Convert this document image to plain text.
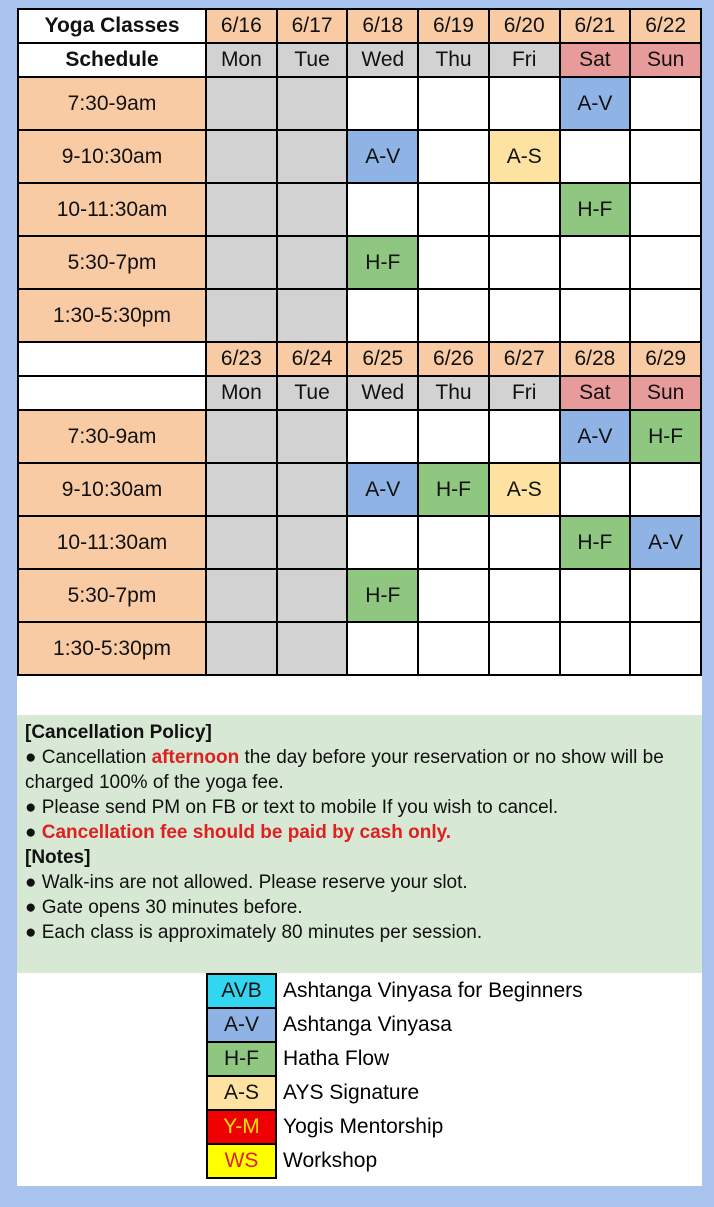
Yoga Classes	6/16	6/17	6/18	6/19	6/20	6/21	6/22
Schedule	Mon	Tue	Wed	Thu	Fri	Sat	Sun
7:30-9am						A-V	
9-10:30am			A-V		A-S		
10-11:30am						H-F	
5:30-7pm			H-F				
1:30-5:30pm							
	6/23	6/24	6/25	6/26	6/27	6/28	6/29
	Mon	Tue	Wed	Thu	Fri	Sat	Sun
7:30-9am						A-V	H-F
9-10:30am			A-V	H-F	A-S		
10-11:30am						H-F	A-V
5:30-7pm			H-F				
1:30-5:30pm							
[Cancellation Policy]
● Cancellation afternoon the day before your reservation or no show will be charged 100% of the yoga fee.
● Please send PM on FB or text to mobile If you wish to cancel.
● Cancellation fee should be paid by cash only.
[Notes]
● Walk-ins are not allowed. Please reserve your slot.
● Gate opens 30 minutes before.
● Each class is approximately 80 minutes per session.
AVB	Ashtanga Vinyasa for Beginners
A-V	Ashtanga Vinyasa
H-F	Hatha Flow
A-S	AYS Signature
Y-M	Yogis Mentorship
WS	Workshop
